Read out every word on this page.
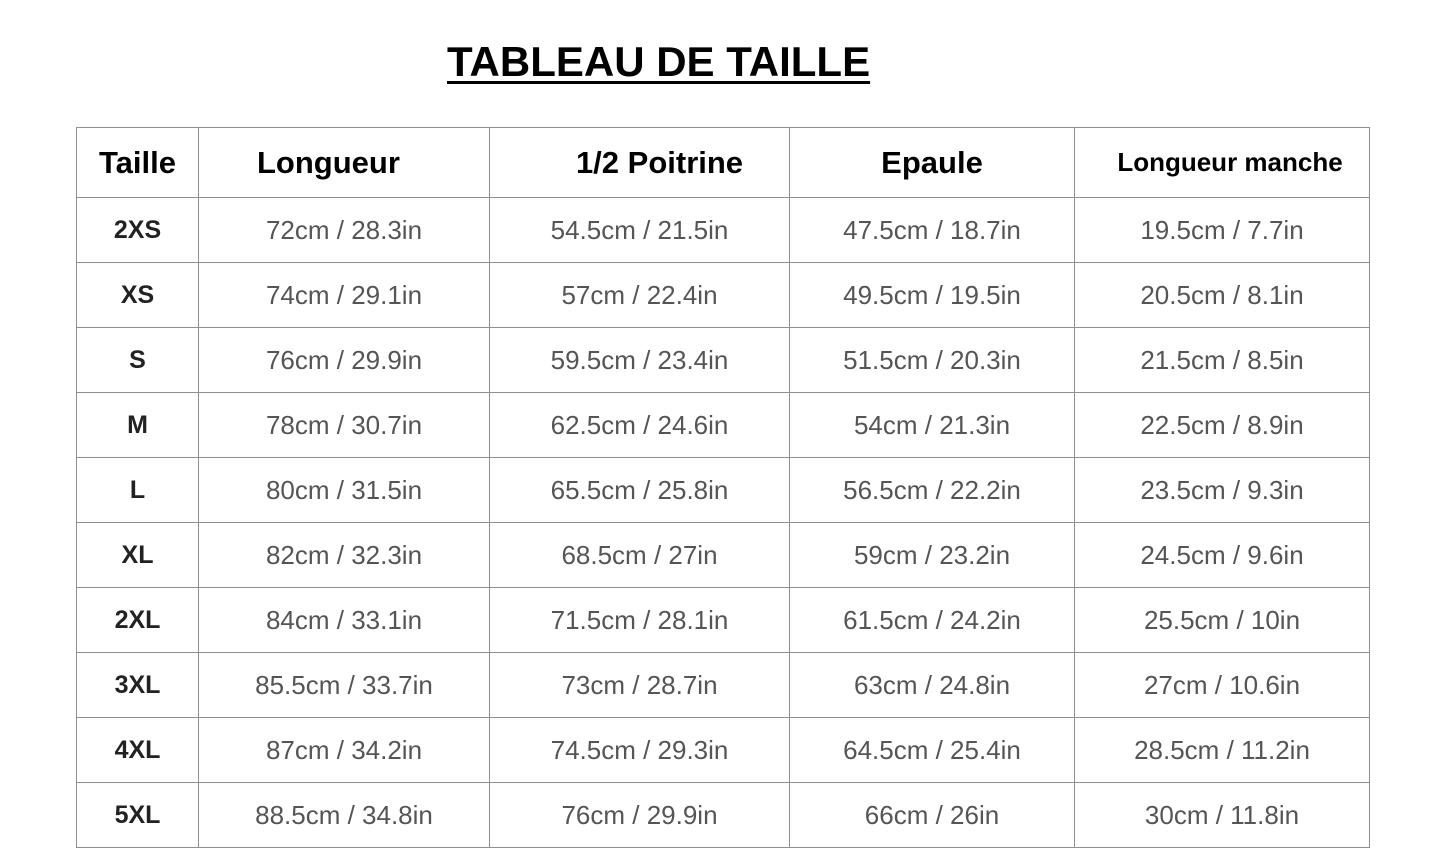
TABLEAU DE TAILLE
Taille	Longueur	1/2 Poitrine	Epaule	Longueur manche
2XS	72cm / 28.3in	54.5cm / 21.5in	47.5cm / 18.7in	19.5cm / 7.7in
XS	74cm / 29.1in	57cm / 22.4in	49.5cm / 19.5in	20.5cm / 8.1in
S	76cm / 29.9in	59.5cm / 23.4in	51.5cm / 20.3in	21.5cm / 8.5in
M	78cm / 30.7in	62.5cm / 24.6in	54cm / 21.3in	22.5cm / 8.9in
L	80cm / 31.5in	65.5cm / 25.8in	56.5cm / 22.2in	23.5cm / 9.3in
XL	82cm / 32.3in	68.5cm / 27in	59cm / 23.2in	24.5cm / 9.6in
2XL	84cm / 33.1in	71.5cm / 28.1in	61.5cm / 24.2in	25.5cm / 10in
3XL	85.5cm / 33.7in	73cm / 28.7in	63cm / 24.8in	27cm / 10.6in
4XL	87cm / 34.2in	74.5cm / 29.3in	64.5cm / 25.4in	28.5cm / 11.2in
5XL	88.5cm / 34.8in	76cm / 29.9in	66cm / 26in	30cm / 11.8in
